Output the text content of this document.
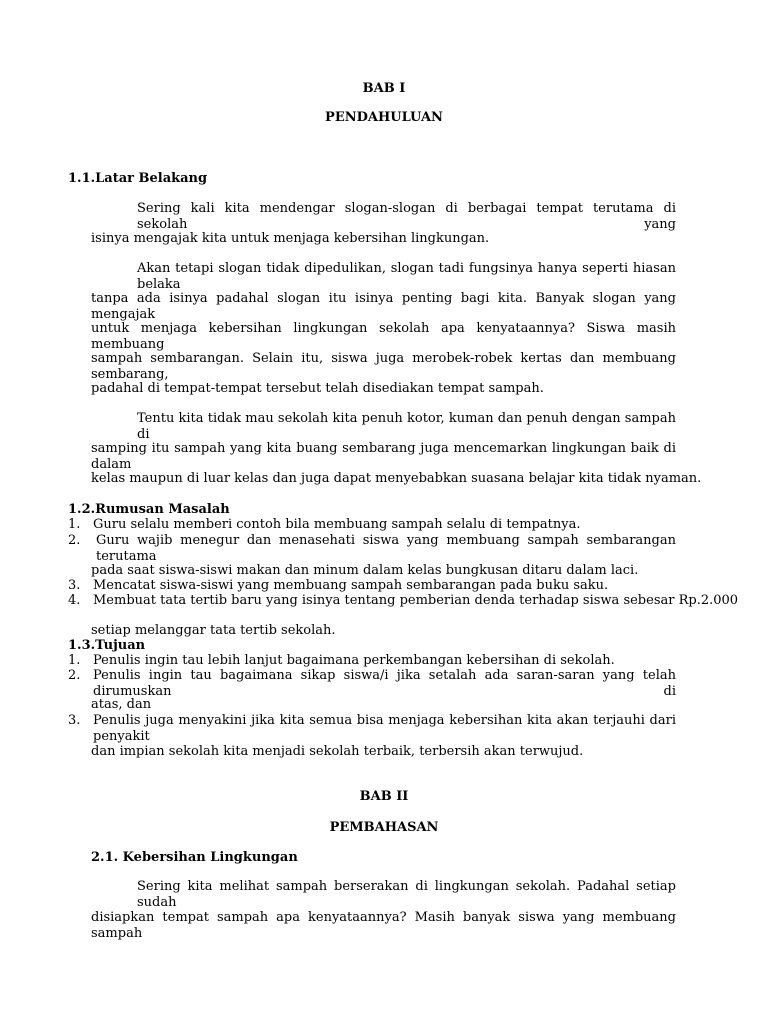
BAB I
PENDAHULUAN
1.1.Latar Belakang
Sering kali kita mendengar slogan-slogan di berbagai tempat terutama di sekolah yang
isinya mengajak kita untuk menjaga kebersihan lingkungan.
Akan tetapi slogan tidak dipedulikan, slogan tadi fungsinya hanya seperti hiasan belaka
tanpa ada isinya padahal slogan itu isinya penting bagi kita. Banyak slogan yang mengajak
untuk menjaga kebersihan lingkungan sekolah apa kenyataannya? Siswa masih membuang
sampah sembarangan. Selain itu, siswa juga merobek-robek kertas dan membuang sembarang,
padahal di tempat-tempat tersebut telah disediakan tempat sampah.
Tentu kita tidak mau sekolah kita penuh kotor, kuman dan penuh dengan sampah di
samping itu sampah yang kita buang sembarang juga mencemarkan lingkungan baik di dalam
kelas maupun di luar kelas dan juga dapat menyebabkan suasana belajar kita tidak nyaman.
1.2.Rumusan Masalah
1. Guru selalu memberi contoh bila membuang sampah selalu di tempatnya.
2. Guru wajib menegur dan menasehati siswa yang membuang sampah sembarangan terutama
pada saat siswa-siswi makan dan minum dalam kelas bungkusan ditaru dalam laci.
3. Mencatat siswa-siswi yang membuang sampah sembarangan pada buku saku.
4. Membuat tata tertib baru yang isinya tentang pemberian denda terhadap siswa sebesar Rp.2.000
setiap melanggar tata tertib sekolah.
1.3.Tujuan
1. Penulis ingin tau lebih lanjut bagaimana perkembangan kebersihan di sekolah.
2. Penulis ingin tau bagaimana sikap siswa/i jika setalah ada saran-saran yang telah dirumuskan di
atas, dan
3. Penulis juga menyakini jika kita semua bisa menjaga kebersihan kita akan terjauhi dari penyakit
dan impian sekolah kita menjadi sekolah terbaik, terbersih akan terwujud.
BAB II
PEMBAHASAN
2.1. Kebersihan Lingkungan
Sering kita melihat sampah berserakan di lingkungan sekolah. Padahal setiap sudah
disiapkan tempat sampah apa kenyataannya? Masih banyak siswa yang membuang sampah
